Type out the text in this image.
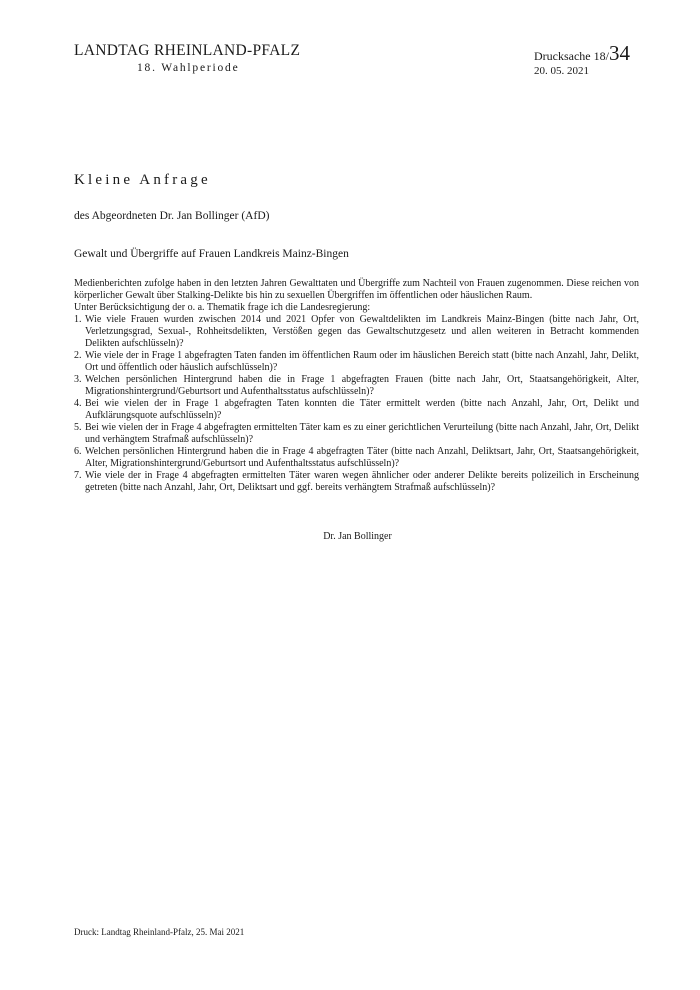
LANDTAG RHEINLAND-PFALZ
18. Wahlperiode
Drucksache 18/34
20. 05. 2021
Kleine Anfrage
des Abgeordneten Dr. Jan Bollinger (AfD)
Gewalt und Übergriffe auf Frauen Landkreis Mainz-Bingen

Medienberichten zufolge haben in den letzten Jahren Gewalttaten und Übergriffe zum Nachteil von Frauen zugenommen. Diese reichen von körperlicher Gewalt über Stalking-Delikte bis hin zu sexuellen Übergriffen im öffentlichen oder häuslichen Raum.

Unter Berücksichtigung der o. a. Thematik frage ich die Landesregierung:

1. Wie viele Frauen wurden zwischen 2014 und 2021 Opfer von Gewaltdelikten im Landkreis Mainz-Bingen (bitte nach Jahr, Ort, Verletzungsgrad, Sexual-, Rohheitsdelikten, Verstößen gegen das Gewaltschutzgesetz und allen weiteren in Betracht kommenden Delikten aufschlüsseln)?
2. Wie viele der in Frage 1 abgefragten Taten fanden im öffentlichen Raum oder im häuslichen Bereich statt (bitte nach Anzahl, Jahr, Delikt, Ort und öffentlich oder häuslich aufschlüsseln)?
3. Welchen persönlichen Hintergrund haben die in Frage 1 abgefragten Frauen (bitte nach Jahr, Ort, Staatsangehörigkeit, Alter, Migrationshintergrund/Geburtsort und Aufenthaltsstatus aufschlüsseln)?
4. Bei wie vielen der in Frage 1 abgefragten Taten konnten die Täter ermittelt werden (bitte nach Anzahl, Jahr, Ort, Delikt und Aufklärungsquote aufschlüsseln)?
5. Bei wie vielen der in Frage 4 abgefragten ermittelten Täter kam es zu einer gerichtlichen Verurteilung (bitte nach Anzahl, Jahr, Ort, Delikt und verhängtem Strafmaß aufschlüsseln)?
6. Welchen persönlichen Hintergrund haben die in Frage 4 abgefragten Täter (bitte nach Anzahl, Deliktsart, Jahr, Ort, Staatsangehörigkeit, Alter, Migrationshintergrund/Geburtsort und Aufenthaltsstatus aufschlüsseln)?
7. Wie viele der in Frage 4 abgefragten ermittelten Täter waren wegen ähnlicher oder anderer Delikte bereits polizeilich in Erscheinung getreten (bitte nach Anzahl, Jahr, Ort, Deliktsart und ggf. bereits verhängtem Strafmaß aufschlüsseln)?
Dr. Jan Bollinger
Druck: Landtag Rheinland-Pfalz, 25. Mai 2021
